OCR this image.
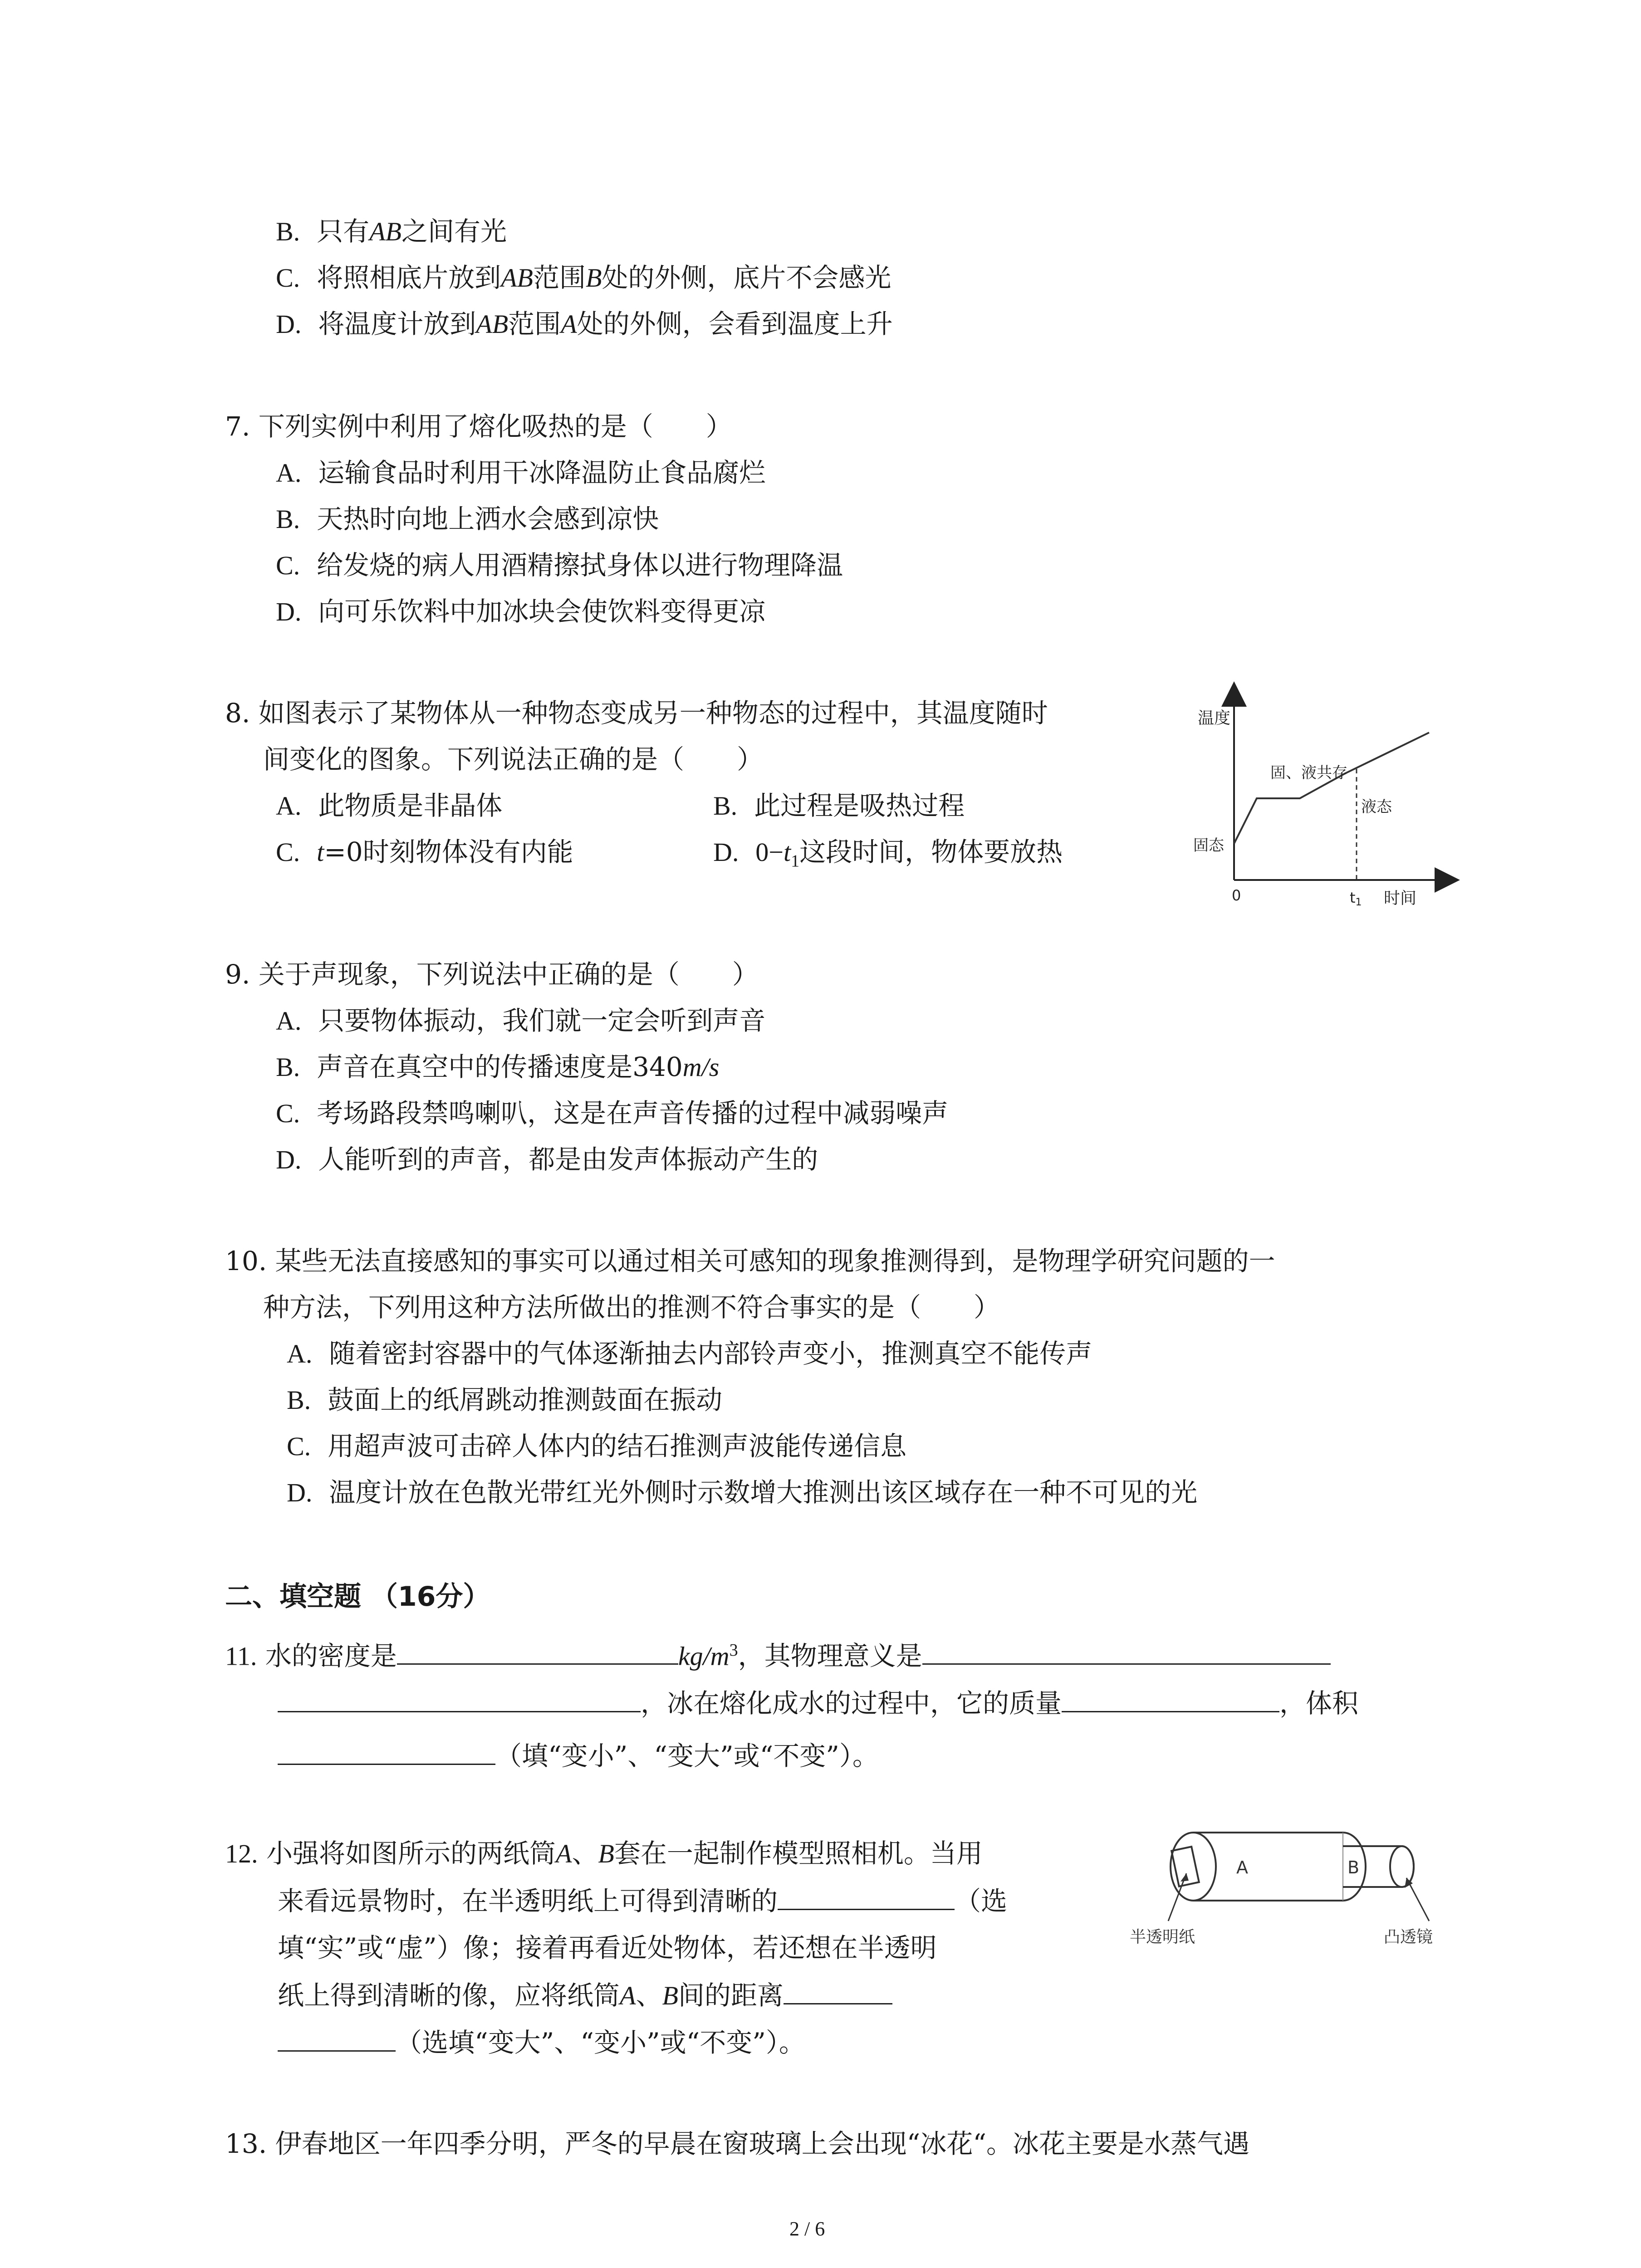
B. 只有AB之间有光
C. 将照相底片放到AB范围B处的外侧，底片不会感光
D. 将温度计放到AB范围A处的外侧，会看到温度上升
7. 下列实例中利用了熔化吸热的是（　　）
A. 运输食品时利用干冰降温防止食品腐烂
B. 天热时向地上洒水会感到凉快
C. 给发烧的病人用酒精擦拭身体以进行物理降温
D. 向可乐饮料中加冰块会使饮料变得更凉
8. 如图表示了某物体从一种物态变成另一种物态的过程中，其温度随时
间变化的图象。下列说法正确的是（　　）
A. 此物质是非晶体	B. 此过程是吸热过程
C. t=0时刻物体没有内能	D. $0-t_1$这段时间，物体要放热
温度
时间
0	t1
固态
固、液共存
液态
9. 关于声现象，下列说法中正确的是（　　）
A. 只要物体振动，我们就一定会听到声音
B. 声音在真空中的传播速度是340m/s
C. 考场路段禁鸣喇叭，这是在声音传播的过程中减弱噪声
D. 人能听到的声音，都是由发声体振动产生的
10. 某些无法直接感知的事实可以通过相关可感知的现象推测得到，是物理学研究问题的一
种方法，下列用这种方法所做出的推测不符合事实的是（　　）
A. 随着密封容器中的气体逐渐抽去内部铃声变小，推测真空不能传声
B. 鼓面上的纸屑跳动推测鼓面在振动
C. 用超声波可击碎人体内的结石推测声波能传递信息
D. 温度计放在色散光带红光外侧时示数增大推测出该区域存在一种不可见的光
二、填空题 （16分）
11. 水的密度是	$kg/m^3$，其物理意义是
，冰在熔化成水的过程中，它的质量	，体积
（填“变小”、“变大”或“不变”）。
12. 小强将如图所示的两纸筒A、B套在一起制作模型照相机。当用
来看远景物时，在半透明纸上可得到清晰的	（选
填“实”或“虚”）像；接着再看近处物体，若还想在半透明
纸上得到清晰的像，应将纸筒A、B间的距离
（选填“变大”、“变小”或“不变”）。
A	B
半透明纸	凸透镜
13. 伊春地区一年四季分明，严冬的早晨在窗玻璃上会出现“冰花“。冰花主要是水蒸气遇
2 / 6
